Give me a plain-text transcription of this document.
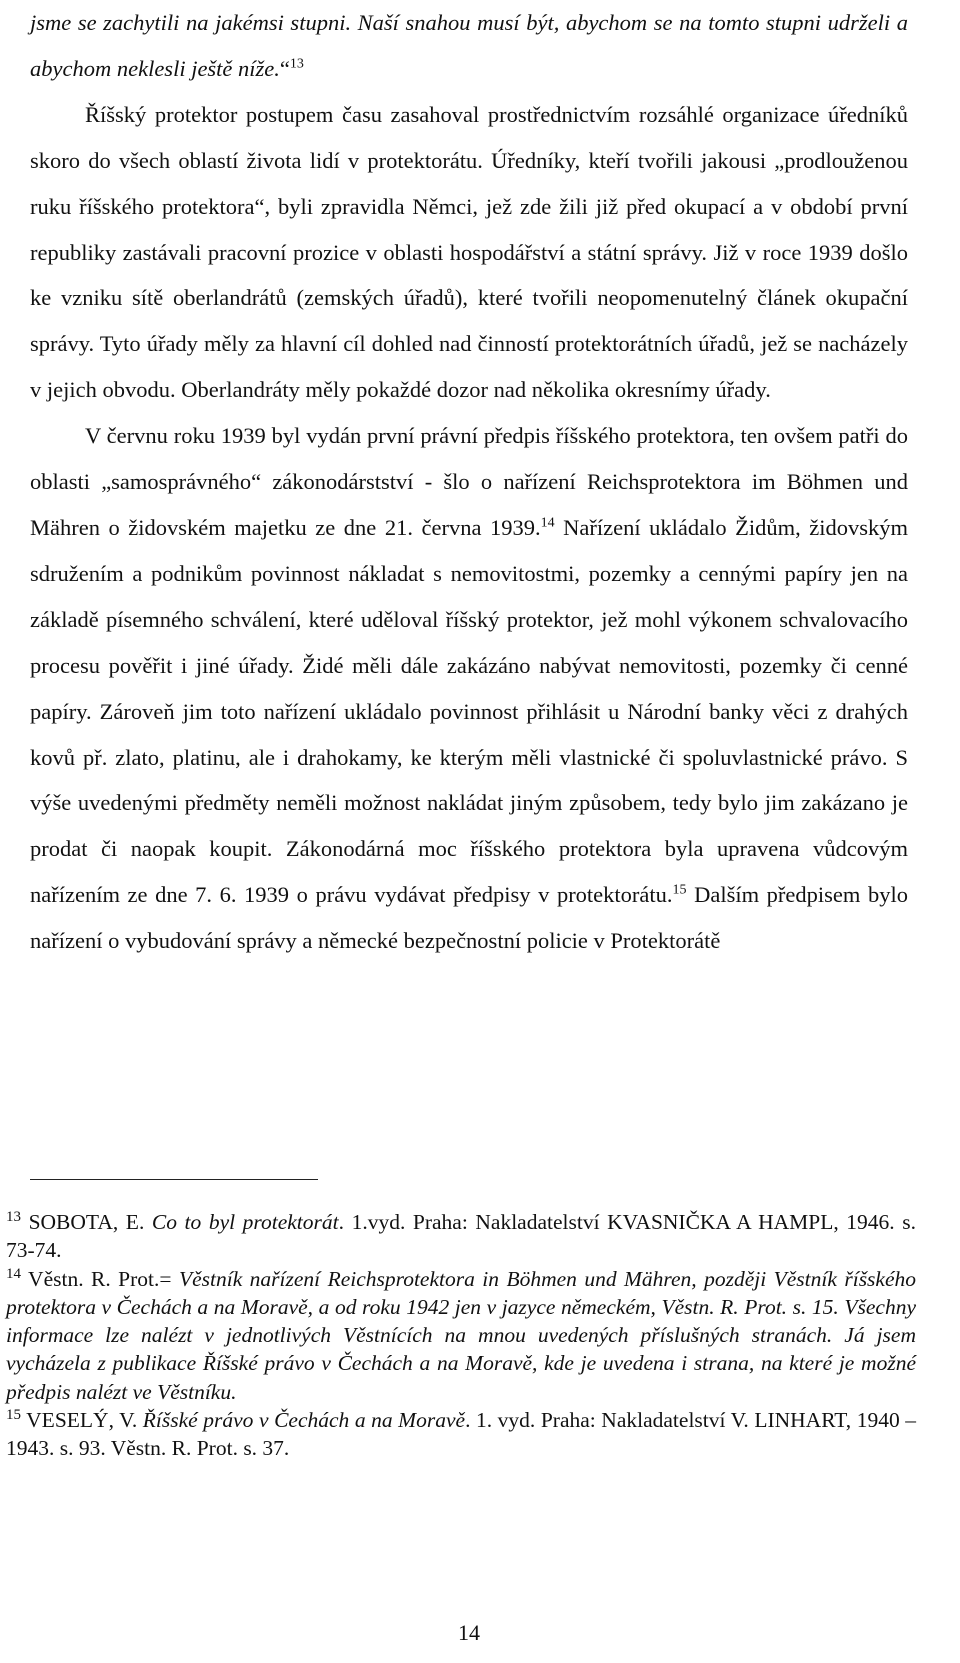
jsme se zachytili na jakémsi stupni. Naší snahou musí být, abychom se na tomto stupni udrželi a abychom neklesli ještě níže.“$^{13}$

Říšský protektor postupem času zasahoval prostřednictvím rozsáhlé organizace úředníků skoro do všech oblastí života lidí v protektorátu. Úředníky, kteří tvořili jakousi „prodlouženou ruku říšského protektora“, byli zpravidla Němci, jež zde žili již před okupací a v období první republiky zastávali pracovní prozice v oblasti hospodářství a státní správy. Již v roce 1939 došlo ke vzniku sítě oberlandrátů (zemských úřadů), které tvořili neopomenutelný článek okupační správy. Tyto úřady měly za hlavní cíl dohled nad činností protektorátních úřadů, jež se nacházely v jejich obvodu. Oberlandráty měly pokaždé dozor nad několika okresnímy úřady.

V červnu roku 1939 byl vydán první právní předpis říšského protektora, ten ovšem patři do oblasti „samosprávného“ zákonodárstství - šlo o nařízení Reichsprotektora im Böhmen und Mähren o židovském majetku ze dne 21. června 1939.14 Nařízení ukládalo Židům, židovským sdružením a podnikům povinnost nákladat s nemovitostmi, pozemky a cennými papíry jen na základě písemného schválení, které uděloval říšský protektor, jež mohl výkonem schvalovacího procesu pověřit i jiné úřady. Židé měli dále zakázáno nabývat nemovitosti, pozemky či cenné papíry. Zároveň jim toto nařízení ukládalo povinnost přihlásit u Národní banky věci z drahých kovů př. zlato, platinu, ale i drahokamy, ke kterým měli vlastnické či spoluvlastnické právo. S výše uvedenými předměty neměli možnost nakládat jiným způsobem, tedy bylo jim zakázano je prodat či naopak koupit. Zákonodárná moc říšského protektora byla upravena vůdcovým nařízením ze dne 7. 6. 1939 o právu vydávat předpisy v protektorátu.$^{15}$ Dalším předpisem bylo nařízení o vybudování správy a německé bezpečnostní policie v Protektorátě

$^{13}$ SOBOTA, E. Co to byl protektorát. 1.vyd. Praha: Nakladatelství KVASNIČKA A HAMPL, 1946. s. 73-74.

$^{14}$ Věstn. R. Prot.= Věstník nařízení Reichsprotektora in Böhmen und Mähren, později Věstník říšského protektora v Čechách a na Moravě, a od roku 1942 jen v jazyce německém, Věstn. R. Prot. s. 15. Všechny informace lze nalézt v jednotlivých Věstnících na mnou uvedených příslušných stranách. Já jsem vycházela z publikace Říšské právo v Čechách a na Moravě, kde je uvedena i strana, na které je možné předpis nalézt ve Věstníku.

$^{15}$ VESELÝ, V. Říšské právo v Čechách a na Moravě. 1. vyd. Praha: Nakladatelství V. LINHART, 1940 – 1943. s. 93. Věstn. R. Prot. s. 37.

14
